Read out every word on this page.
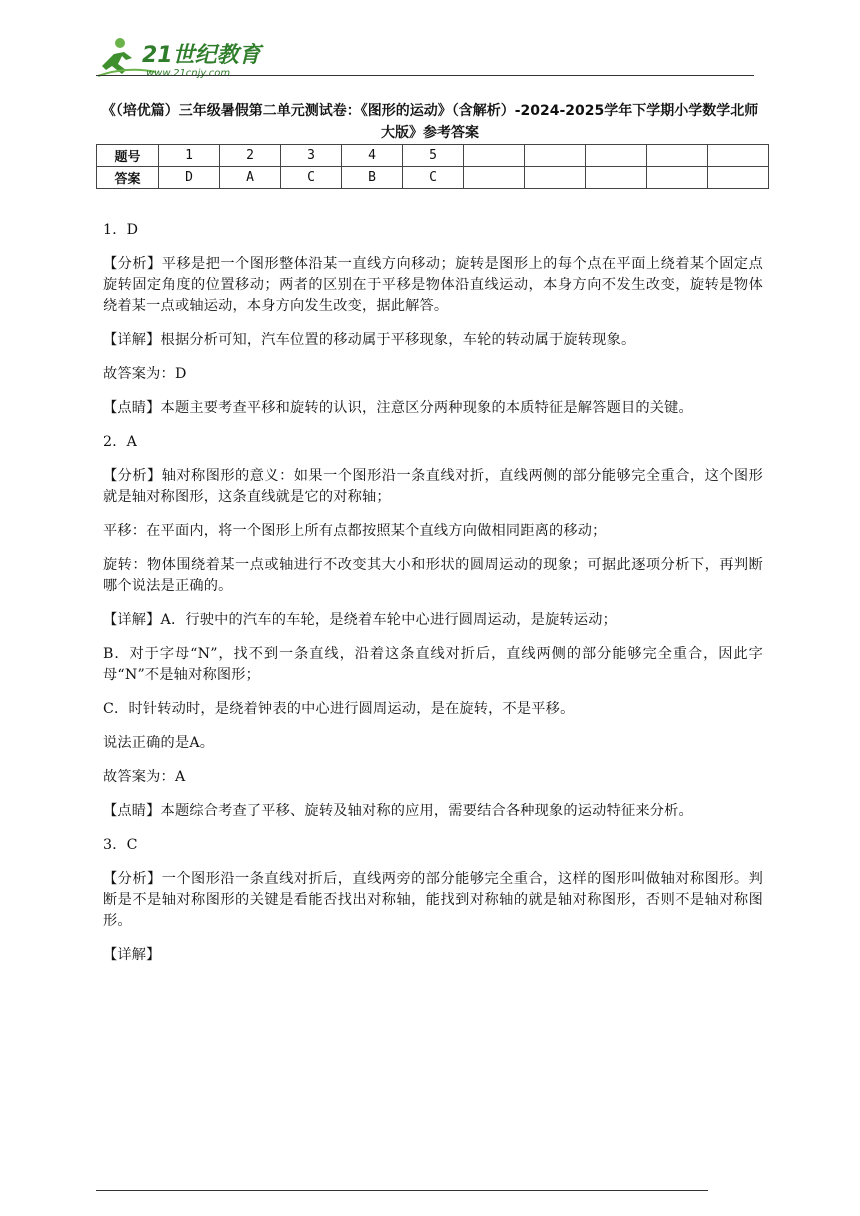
21世纪教育
www.21cnjy.com
《（培优篇）三年级暑假第二单元测试卷：《图形的运动》（含解析）-2024-2025学年下学期小学数学北师大版》参考答案
题号	1	2	3	4	5					
答案	D	A	C	B	C					

1．D

【分析】平移是把一个图形整体沿某一直线方向移动；旋转是图形上的每个点在平面上绕着某个固定点旋转固定角度的位置移动；两者的区别在于平移是物体沿直线运动，本身方向不发生改变，旋转是物体绕着某一点或轴运动，本身方向发生改变，据此解答。

【详解】根据分析可知，汽车位置的移动属于平移现象，车轮的转动属于旋转现象。

故答案为：D

【点睛】本题主要考查平移和旋转的认识，注意区分两种现象的本质特征是解答题目的关键。

2．A

【分析】轴对称图形的意义：如果一个图形沿一条直线对折，直线两侧的部分能够完全重合，这个图形就是轴对称图形，这条直线就是它的对称轴；

平移：在平面内，将一个图形上所有点都按照某个直线方向做相同距离的移动；

旋转：物体围绕着某一点或轴进行不改变其大小和形状的圆周运动的现象；可据此逐项分析下，再判断哪个说法是正确的。

【详解】A．行驶中的汽车的车轮，是绕着车轮中心进行圆周运动，是旋转运动；

B．对于字母“N”，找不到一条直线，沿着这条直线对折后，直线两侧的部分能够完全重合，因此字母“N”不是轴对称图形；

C．时针转动时，是绕着钟表的中心进行圆周运动，是在旋转，不是平移。

说法正确的是A。

故答案为：A

【点睛】本题综合考查了平移、旋转及轴对称的应用，需要结合各种现象的运动特征来分析。

3．C

【分析】一个图形沿一条直线对折后，直线两旁的部分能够完全重合，这样的图形叫做轴对称图形。判断是不是轴对称图形的关键是看能否找出对称轴，能找到对称轴的就是轴对称图形，否则不是轴对称图形。

【详解】
